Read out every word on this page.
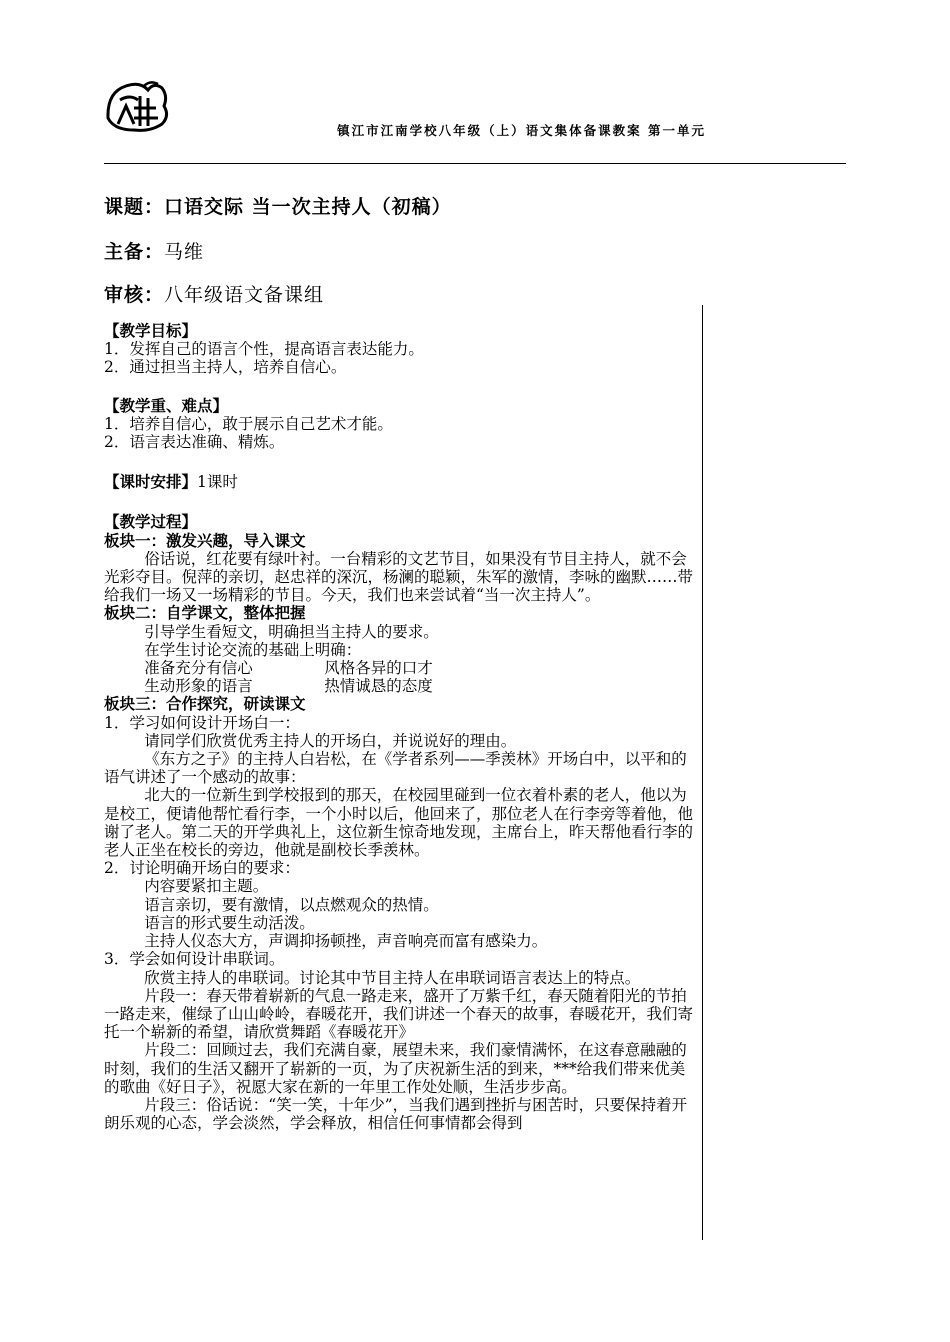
镇江市江南学校八年级（上）语文集体备课教案 第一单元
课题：口语交际 当一次主持人（初稿）
主备：马维
审核：八年级语文备课组

【教学目标】

1．发挥自己的语言个性，提高语言表达能力。

2．通过担当主持人，培养自信心。

【教学重、难点】

1．培养自信心，敢于展示自己艺术才能。

2．语言表达准确、精炼。

【课时安排】1课时

【教学过程】

板块一：激发兴趣，导入课文

俗话说，红花要有绿叶衬。一台精彩的文艺节目，如果没有节目主持人，就不会光彩夺目。倪萍的亲切，赵忠祥的深沉，杨澜的聪颖，朱军的激情，李咏的幽默……带给我们一场又一场精彩的节目。今天，我们也来尝试着“当一次主持人”。

板块二：自学课文，整体把握

引导学生看短文，明确担当主持人的要求。

在学生讨论交流的基础上明确：

准备充分有信心	风格各异的口才
生动形象的语言	热情诚恳的态度

板块三：合作探究，研读课文

1．学习如何设计开场白一：

请同学们欣赏优秀主持人的开场白，并说说好的理由。

《东方之子》的主持人白岩松，在《学者系列——季羡林》开场白中，以平和的语气讲述了一个感动的故事：

北大的一位新生到学校报到的那天，在校园里碰到一位衣着朴素的老人，他以为是校工，便请他帮忙看行李，一个小时以后，他回来了，那位老人在行李旁等着他，他谢了老人。第二天的开学典礼上，这位新生惊奇地发现，主席台上，昨天帮他看行李的老人正坐在校长的旁边，他就是副校长季羡林。

2．讨论明确开场白的要求：

内容要紧扣主题。

语言亲切，要有激情，以点燃观众的热情。

语言的形式要生动活泼。

主持人仪态大方，声调抑扬顿挫，声音响亮而富有感染力。

3．学会如何设计串联词。

欣赏主持人的串联词。讨论其中节目主持人在串联词语言表达上的特点。

片段一：春天带着崭新的气息一路走来，盛开了万紫千红，春天随着阳光的节拍一路走来，催绿了山山岭岭，春暖花开，我们讲述一个春天的故事，春暖花开，我们寄托一个崭新的希望，请欣赏舞蹈《春暖花开》

片段二：回顾过去，我们充满自豪，展望未来，我们豪情满怀，在这春意融融的时刻，我们的生活又翻开了崭新的一页，为了庆祝新生活的到来，***给我们带来优美的歌曲《好日子》，祝愿大家在新的一年里工作处处顺，生活步步高。

片段三：俗话说：“笑一笑，十年少”，当我们遇到挫折与困苦时，只要保持着开朗乐观的心态，学会淡然，学会释放，相信任何事情都会得到
